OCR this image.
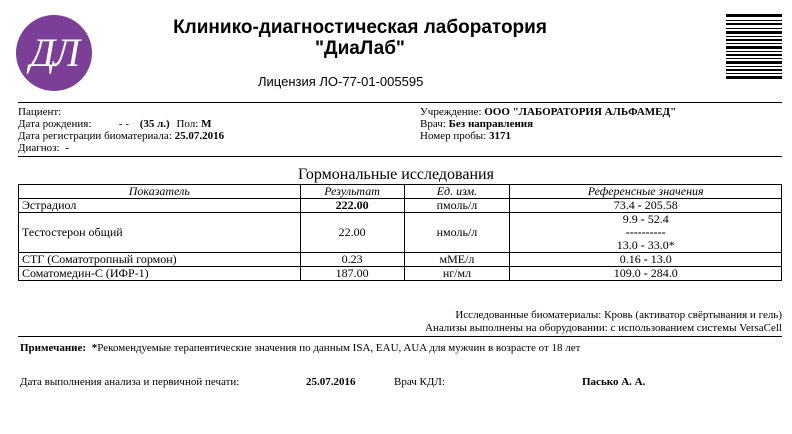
ДЛ
Клинико-диагностическая лаборатория
"ДиаЛаб"
Лицензия ЛО-77-01-005595
Пациент:
Дата рождения:	- - (35 л.) Пол: М
Дата регистрации биоматериала: 25.07.2016
Диагноз: -
Учреждение: ООО "ЛАБОРАТОРИЯ АЛЬФАМЕД"
Врач: Без направления
Номер пробы: 3171
Гормональные исследования
Показатель	Результат	Ед. изм.	Референсные значения
Эстрадиол	222.00	пмоль/л	73.4 - 205.58
Тестостерон общий	22.00	нмоль/л	9.9 - 52.4
----------
13.0 - 33.0*

СТГ (Соматотропный гормон)	0.23	мМЕ/л	0.16 - 13.0
Соматомедин-С (ИФР-1)	187.00	нг/мл	109.0 - 284.0
Исследованные биоматериалы: Кровь (активатор свёртывания и гель)
Анализы выполнены на оборудовании: с использованием системы VersaCell
Примечание: *Рекомендуемые терапевтические значения по данным ISA, EAU, AUA для мужчин в возрасте от 18 лет
Дата выполнения анализа и первичной печати:	25.07.2016	Врач КДЛ:	Пасько А. А.
